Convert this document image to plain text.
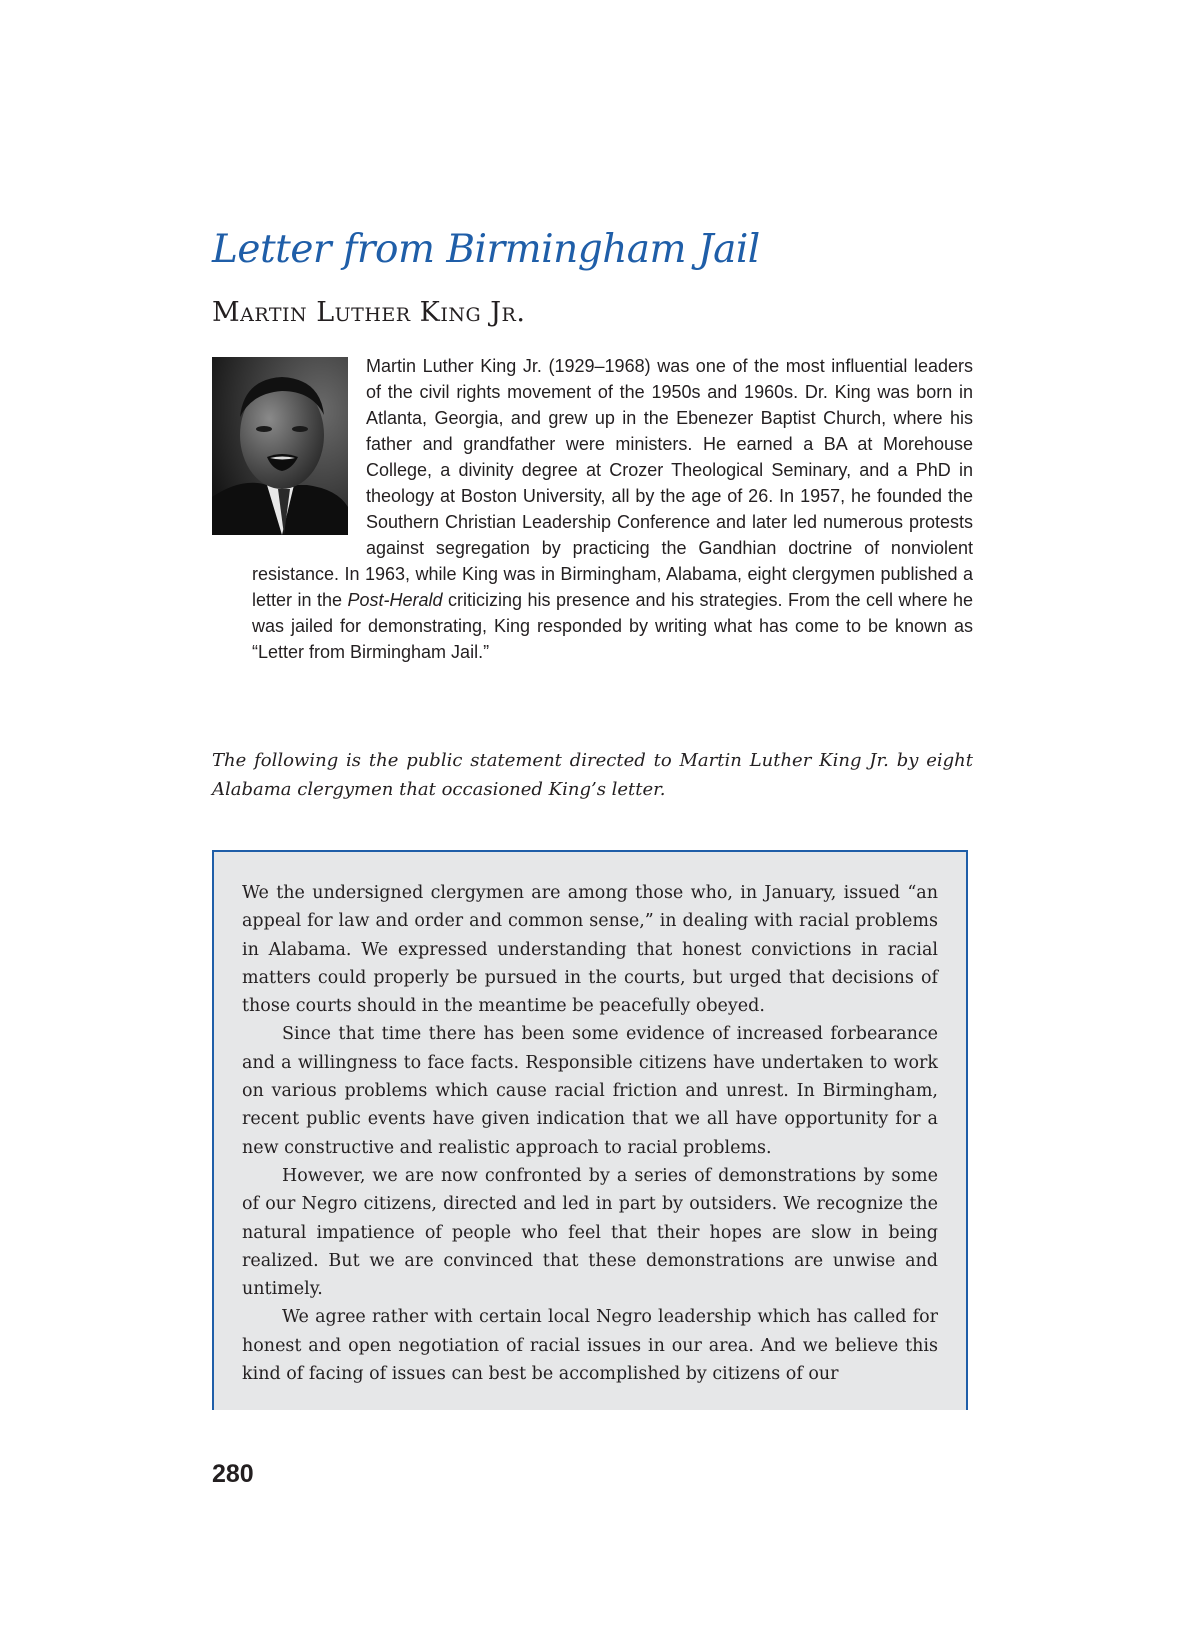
Letter from Birmingham Jail
Martin Luther King Jr.

Martin Luther King Jr. (1929–1968) was one of the most influential leaders of the civil rights movement of the 1950s and 1960s. Dr. King was born in Atlanta, Georgia, and grew up in the Ebenezer Baptist Church, where his father and grandfather were ministers. He earned a BA at Morehouse College, a divinity degree at Crozer Theological Seminary, and a PhD in theology at Boston University, all by the age of 26. In 1957, he founded the Southern Christian Leadership Conference and later led numerous protests against segregation by practicing the Gandhian doctrine of nonviolent resistance. In 1963, while King was in Birmingham, Alabama, eight clergymen published a letter in the Post-Herald criticizing his presence and his strategies. From the cell where he was jailed for demonstrating, King responded by writing what has come to be known as “Letter from Birmingham Jail.”

The following is the public statement directed to Martin Luther King Jr. by eight Alabama clergymen that occasioned King’s letter.

We the undersigned clergymen are among those who, in January, issued “an appeal for law and order and common sense,” in dealing with racial problems in Alabama. We expressed understanding that honest convictions in racial matters could properly be pursued in the courts, but urged that decisions of those courts should in the meantime be peacefully obeyed.

Since that time there has been some evidence of increased forbearance and a willingness to face facts. Responsible citizens have undertaken to work on various problems which cause racial friction and unrest. In Birmingham, recent public events have given indication that we all have opportunity for a new constructive and realistic approach to racial problems.

However, we are now confronted by a series of demonstrations by some of our Negro citizens, directed and led in part by outsiders. We recognize the natural impatience of people who feel that their hopes are slow in being realized. But we are convinced that these demonstrations are unwise and untimely.

We agree rather with certain local Negro leadership which has called for honest and open negotiation of racial issues in our area. And we believe this kind of facing of issues can best be accomplished by citizens of our

280
